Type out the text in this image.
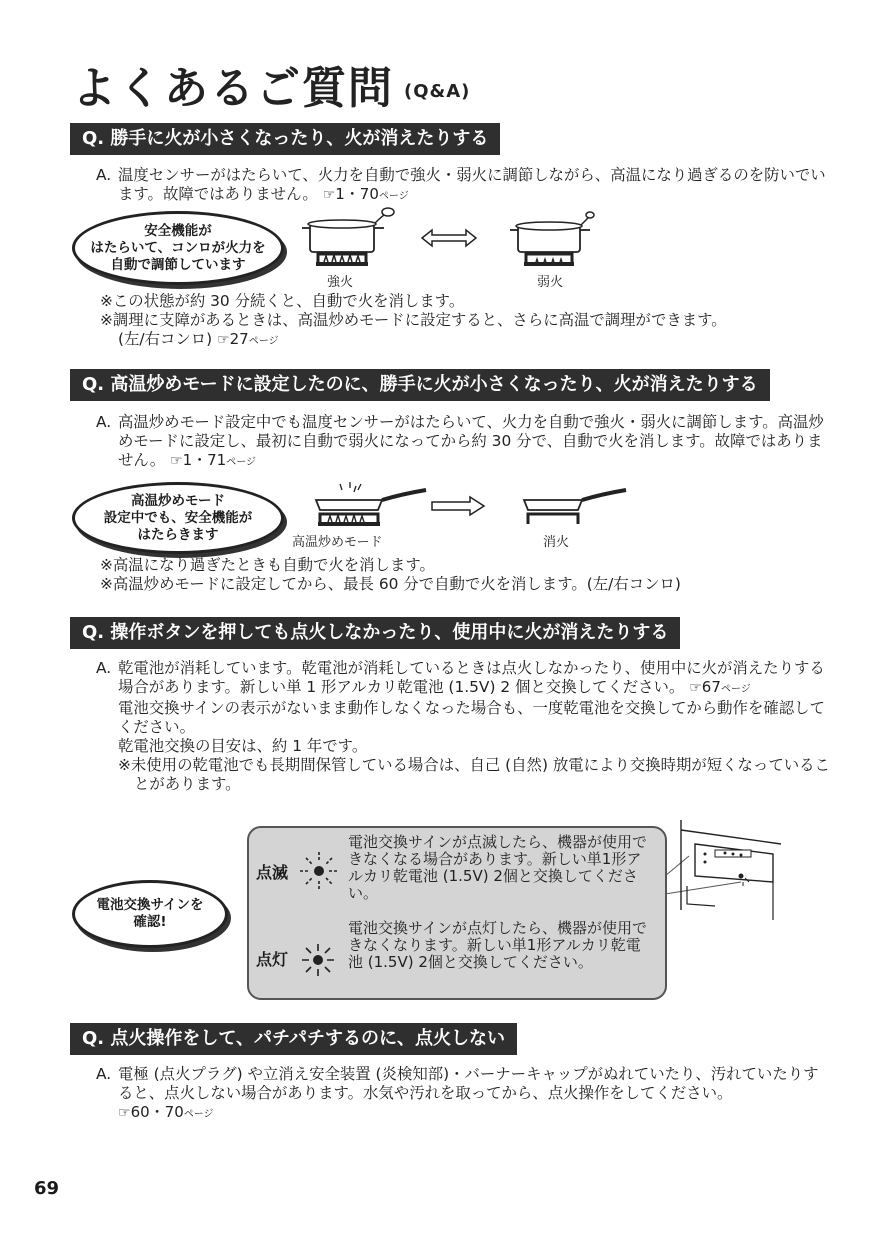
よくあるご質問 (Q&A)
Q. 勝手に火が小さくなったり、火が消えたりする
A. 温度センサーがはたらいて、火力を自動で強火・弱火に調節しながら、高温になり過ぎるのを防いでいます。故障ではありません。 ☞1・70ページ
安全機能が
はたらいて、コンロが火力を
自動で調節しています
強火	弱火
※この状態が約 30 分続くと、自動で火を消します。
※調理に支障があるときは、高温炒めモードに設定すると、さらに高温で調理ができます。
(左/右コンロ) ☞27ページ
Q. 高温炒めモードに設定したのに、勝手に火が小さくなったり、火が消えたりする
A. 高温炒めモード設定中でも温度センサーがはたらいて、火力を自動で強火・弱火に調節します。高温炒めモードに設定し、最初に自動で弱火になってから約 30 分で、自動で火を消します。故障ではありません。 ☞1・71ページ
高温炒めモード
設定中でも、安全機能が
はたらきます	高温炒めモード	消火
※高温になり過ぎたときも自動で火を消します。
※高温炒めモードに設定してから、最長 60 分で自動で火を消します。(左/右コンロ)
Q. 操作ボタンを押しても点火しなかったり、使用中に火が消えたりする
A. 乾電池が消耗しています。乾電池が消耗しているときは点火しなかったり、使用中に火が消えたりする場合があります。新しい単 1 形アルカリ乾電池 (1.5V) 2 個と交換してください。 ☞67ページ
電池交換サインの表示がないまま動作しなくなった場合も、一度乾電池を交換してから動作を確認してください。
乾電池交換の目安は、約 1 年です。
※未使用の乾電池でも長期間保管している場合は、自己 (自然) 放電により交換時期が短くなっていることがあります。
電池交換サインを
確認!
点滅
電池交換サインが点滅したら、機器が使用できなくなる場合があります。新しい単1形アルカリ乾電池 (1.5V) 2個と交換してください。
点灯
電池交換サインが点灯したら、機器が使用できなくなります。新しい単1形アルカリ乾電池 (1.5V) 2個と交換してください。
Q. 点火操作をして、パチパチするのに、点火しない
A. 電極 (点火プラグ) や立消え安全装置 (炎検知部)・バーナーキャップがぬれていたり、汚れていたりすると、点火しない場合があります。水気や汚れを取ってから、点火操作をしてください。 ☞60・70ページ
69
